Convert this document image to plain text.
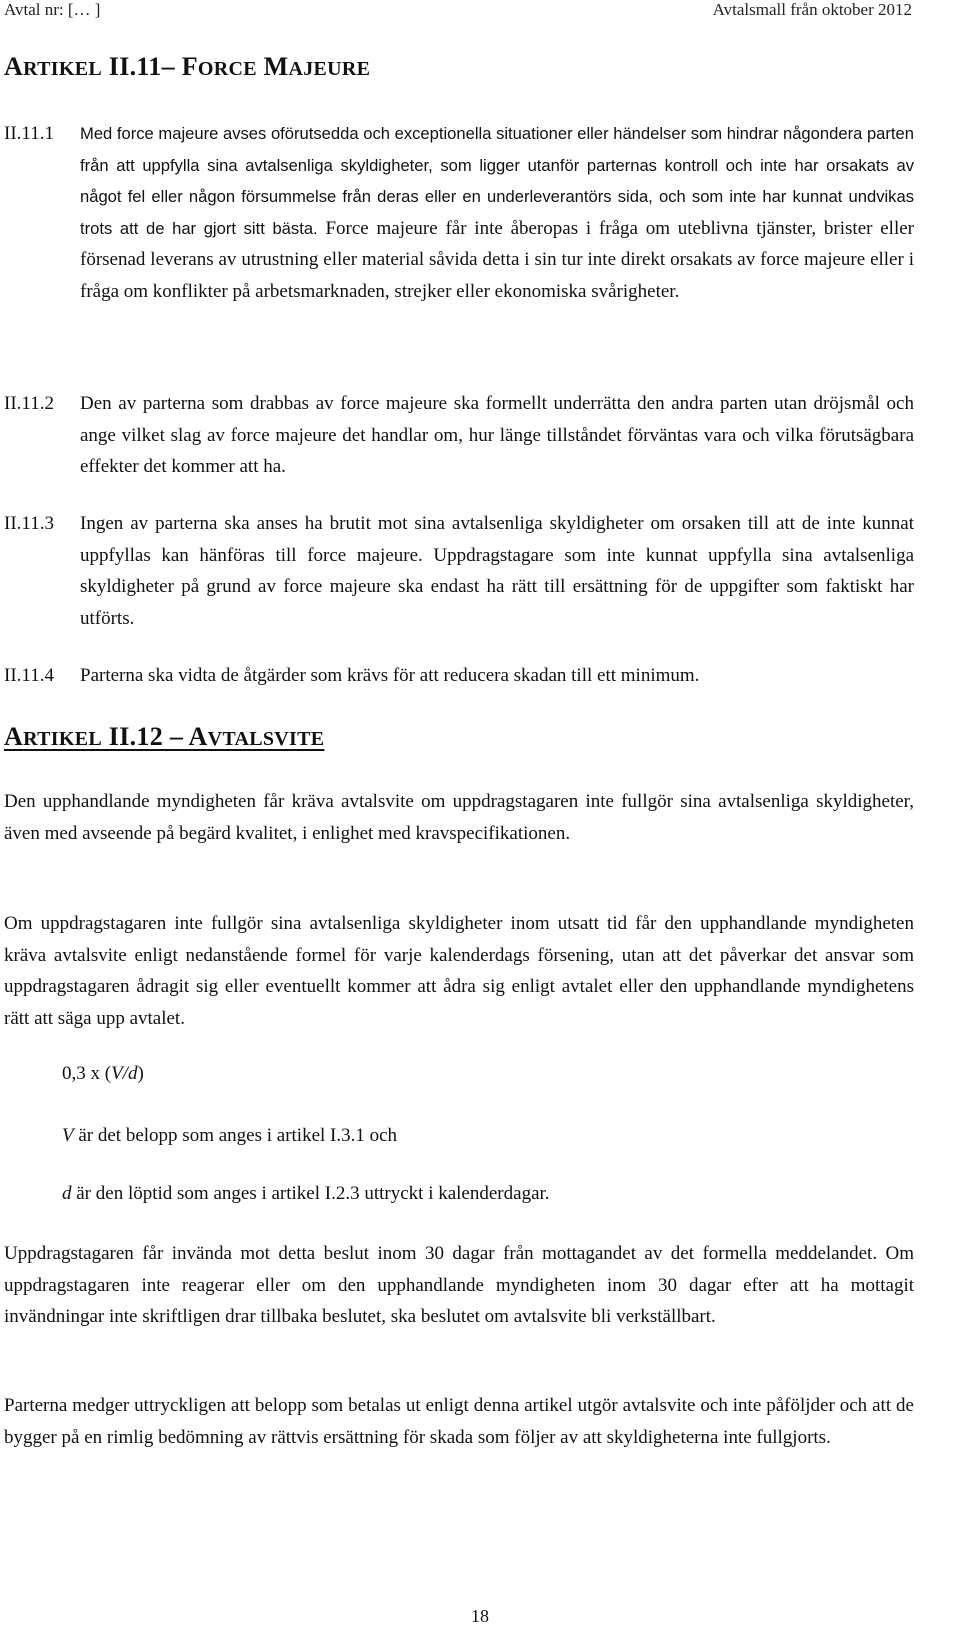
Avtal nr: [… ]	Avtalsmall från oktober 2012
ARTIKEL II.11– FORCE MAJEURE
II.11.1 Med force majeure avses oförutsedda och exceptionella situationer eller händelser som hindrar någondera parten från att uppfylla sina avtalsenliga skyldigheter, som ligger utanför parternas kontroll och inte har orsakats av något fel eller någon försummelse från deras eller en underleverantörs sida, och som inte har kunnat undvikas trots att de har gjort sitt bästa. Force majeure får inte åberopas i fråga om uteblivna tjänster, brister eller försenad leverans av utrustning eller material såvida detta i sin tur inte direkt orsakats av force majeure eller i fråga om konflikter på arbetsmarknaden, strejker eller ekonomiska svårigheter.
II.11.2 Den av parterna som drabbas av force majeure ska formellt underrätta den andra parten utan dröjsmål och ange vilket slag av force majeure det handlar om, hur länge tillståndet förväntas vara och vilka förutsägbara effekter det kommer att ha.
II.11.3 Ingen av parterna ska anses ha brutit mot sina avtalsenliga skyldigheter om orsaken till att de inte kunnat uppfyllas kan hänföras till force majeure. Uppdragstagare som inte kunnat uppfylla sina avtalsenliga skyldigheter på grund av force majeure ska endast ha rätt till ersättning för de uppgifter som faktiskt har utförts.
II.11.4 Parterna ska vidta de åtgärder som krävs för att reducera skadan till ett minimum.
ARTIKEL II.12 – AVTALSVITE
Den upphandlande myndigheten får kräva avtalsvite om uppdragstagaren inte fullgör sina avtalsenliga skyldigheter, även med avseende på begärd kvalitet, i enlighet med kravspecifikationen.
Om uppdragstagaren inte fullgör sina avtalsenliga skyldigheter inom utsatt tid får den upphandlande myndigheten kräva avtalsvite enligt nedanstående formel för varje kalenderdags försening, utan att det påverkar det ansvar som uppdragstagaren ådragit sig eller eventuellt kommer att ådra sig enligt avtalet eller den upphandlande myndighetens rätt att säga upp avtalet.
0,3 x (V/d)
V är det belopp som anges i artikel I.3.1 och
d är den löptid som anges i artikel I.2.3 uttryckt i kalenderdagar.
Uppdragstagaren får invända mot detta beslut inom 30 dagar från mottagandet av det formella meddelandet. Om uppdragstagaren inte reagerar eller om den upphandlande myndigheten inom 30 dagar efter att ha mottagit invändningar inte skriftligen drar tillbaka beslutet, ska beslutet om avtalsvite bli verkställbart.
Parterna medger uttryckligen att belopp som betalas ut enligt denna artikel utgör avtalsvite och inte påföljder och att de bygger på en rimlig bedömning av rättvis ersättning för skada som följer av att skyldigheterna inte fullgjorts.
18
